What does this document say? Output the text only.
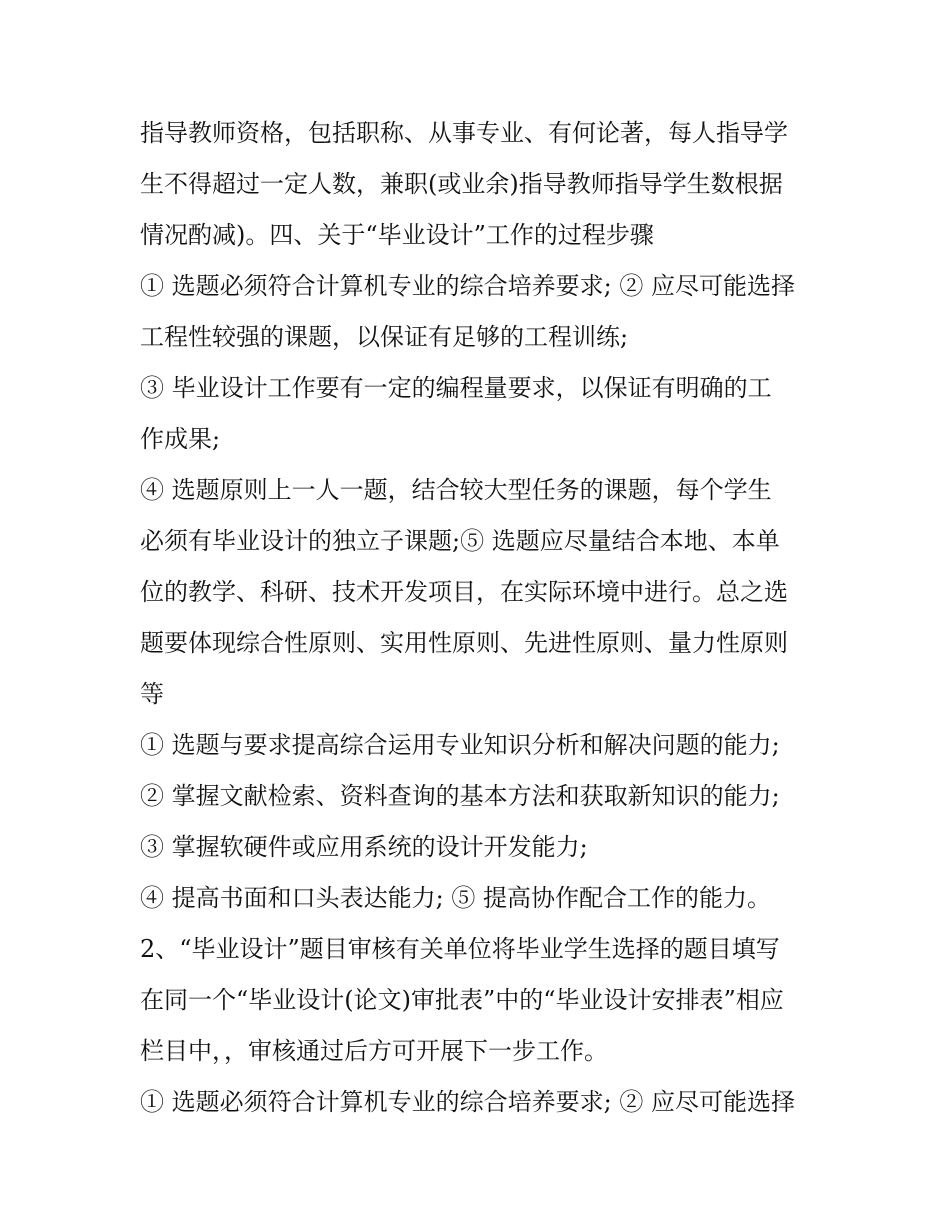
指导教师资格，包括职称、从事专业、有何论著，每人指导学
生不得超过一定人数，兼职(或业余)指导教师指导学生数根据
情况酌减)。四、关于“毕业设计”工作的过程步骤
① 选题必须符合计算机专业的综合培养要求; ② 应尽可能选择
工程性较强的课题，以保证有足够的工程训练;
③ 毕业设计工作要有一定的编程量要求，以保证有明确的工
作成果;
④ 选题原则上一人一题，结合较大型任务的课题，每个学生
必须有毕业设计的独立子课题;⑤ 选题应尽量结合本地、本单
位的教学、科研、技术开发项目，在实际环境中进行。总之选
题要体现综合性原则、实用性原则、先进性原则、量力性原则
等
① 选题与要求提高综合运用专业知识分析和解决问题的能力;
② 掌握文献检索、资料查询的基本方法和获取新知识的能力;
③ 掌握软硬件或应用系统的设计开发能力;
④ 提高书面和口头表达能力; ⑤ 提高协作配合工作的能力。
2、“毕业设计”题目审核有关单位将毕业学生选择的题目填写
在同一个“毕业设计(论文)审批表”中的“毕业设计安排表”相应
栏目中，，审核通过后方可开展下一步工作。
① 选题必须符合计算机专业的综合培养要求; ② 应尽可能选择
